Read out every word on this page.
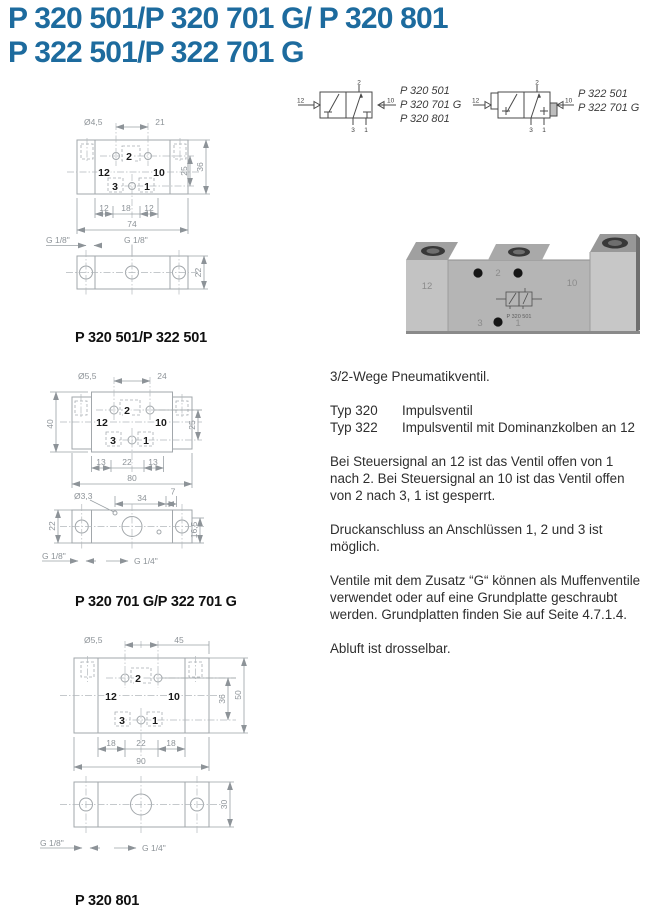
P 320 501/P 320 701 G/ P 320 801
P 322 501/P 322 701 G
2
3 1
12	10
P 320 501
P 320 701 G
P 320 801
2
3 1
12	10
P 322 501
P 322 701 G
Ø4,5	21
25 36
12 18 12
74
2
12	10
3 1
G 1/8"	G 1/8"
22
P 320 501/P 322 501
Ø5,5	24
40	25
13 22 13
80
2
12	10
3	1
Ø3,3	34
7
22	16,5
G 1/8"	G 1/4"
P 320 701 G/P 322 701 G
Ø5,5	45
36 50
18 22 18
90
2
12	10
3	1
30
G 1/8"	G 1/4"
P 320 801
2
12	10
3	1
P 320 501

3/2-Wege Pneumatikventil.

Typ 320	Impulsventil
Typ 322	Impulsventil mit Dominanzkolben an 12

Bei Steuersignal an 12 ist das Ventil offen von 1 nach 2. Bei Steuersignal an 10 ist das Ventil offen von 2 nach 3, 1 ist gesperrt.

Druckanschluss an Anschlüssen 1, 2 und 3 ist möglich.

Ventile mit dem Zusatz “G“ können als Muffenventile verwendet oder auf eine Grundplatte geschraubt werden. Grundplatten finden Sie auf Seite 4.7.1.4.

Abluft ist drosselbar.
